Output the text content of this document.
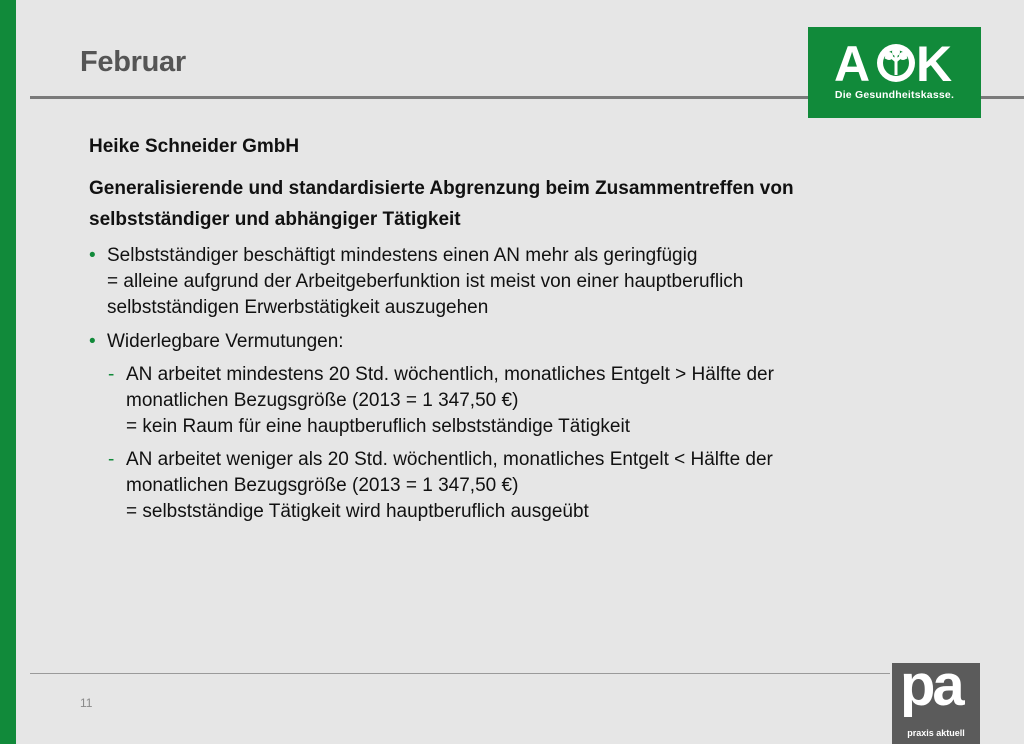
Februar	A K
Die Gesundheitskasse.
Heike Schneider GmbH
Generalisierende und standardisierte Abgrenzung beim Zusammentreffen von
selbstständiger und abhängiger Tätigkeit
• Selbstständiger beschäftigt mindestens einen AN mehr als geringfügig
= alleine aufgrund der Arbeitgeberfunktion ist meist von einer hauptberuflich
selbstständigen Erwerbstätigkeit auszugehen
• Widerlegbare Vermutungen:
- AN arbeitet mindestens 20 Std. wöchentlich, monatliches Entgelt > Hälfte der
monatlichen Bezugsgröße (2013 = 1 347,50 €)
= kein Raum für eine hauptberuflich selbstständige Tätigkeit
- AN arbeitet weniger als 20 Std. wöchentlich, monatliches Entgelt < Hälfte der
monatlichen Bezugsgröße (2013 = 1 347,50 €)
= selbstständige Tätigkeit wird hauptberuflich ausgeübt
11	pa
praxis aktuell
